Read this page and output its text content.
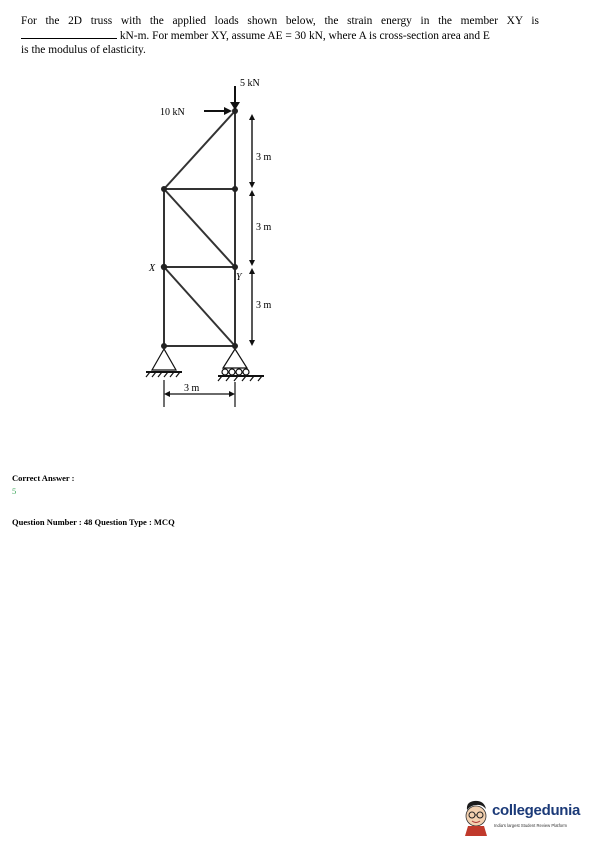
For the 2D truss with the applied loads shown below, the strain energy in the member XY is
kN-m. For member XY, assume AE = 30 kN, where A is cross-section area and E
is the modulus of elasticity.
5 kN
10 kN
3 m
3 m
3 m
3 m
X
Y
Correct Answer :
5
Question Number : 48 Question Type : MCQ
collegedunia
India's largest Student Review Platform
